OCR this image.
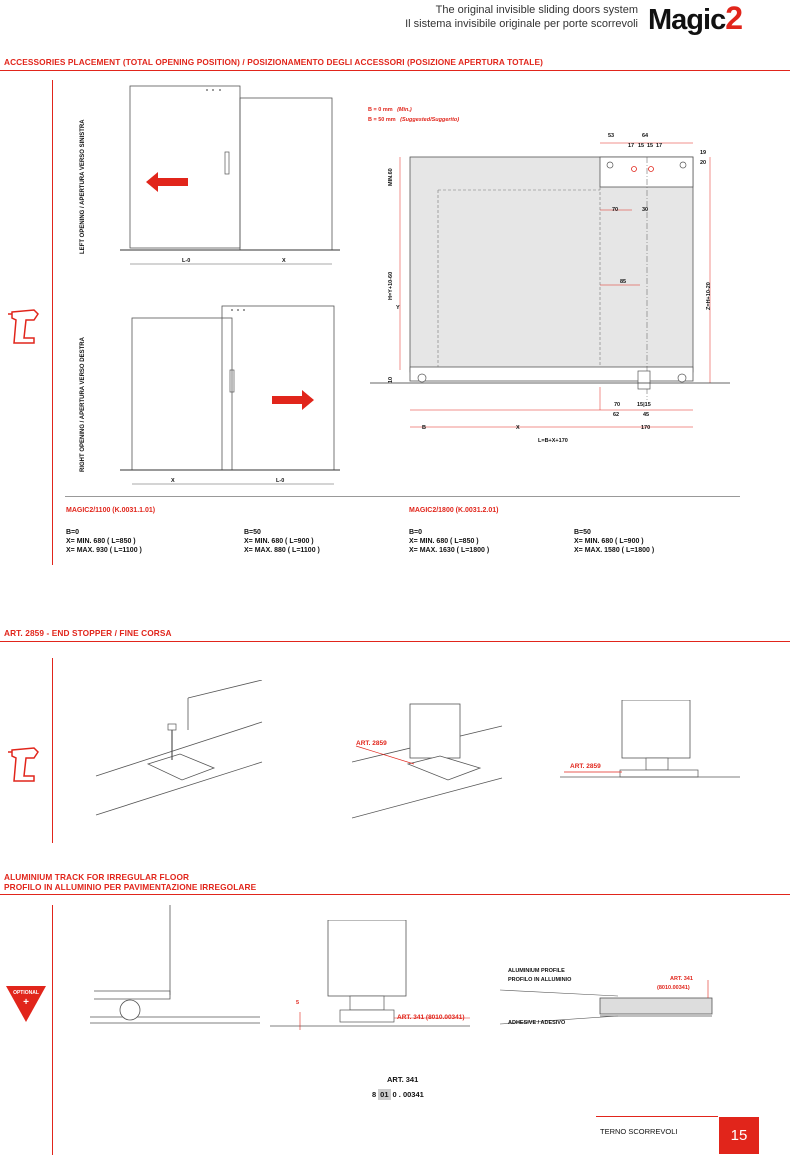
The original invisible sliding doors system
Il sistema invisibile originale per porte scorrevoli Magic2
ACCESSORIES PLACEMENT (TOTAL OPENING POSITION) / POSIZIONAMENTO DEGLI ACCESSORI (POSIZIONE APERTURA TOTALE)
LEFT OPENING / APERTURA VERSO SINISTRA
RIGHT OPENING / APERTURA VERSO DESTRA
L-0	X
X	L-0
B = 0 mm (Min.)
B = 50 mm (Suggested/Suggerito)
53	64
17 15 15 17
19
20
MIN.60
70	30
85
H=Y+10-60
Y	Z=H+10-20
10
70	15|15
62	45
B	X	170
L=B+X+170
MAGIC2/1100 (K.0031.1.01)	MAGIC2/1800 (K.0031.2.01)
B=0
X= MIN. 680 ( L=850 )
X= MAX. 930 ( L=1100 )
B=50
X= MIN. 680 ( L=900 )
X= MAX. 880 ( L=1100 )
B=0
X= MIN. 680 ( L=850 )
X= MAX. 1630 ( L=1800 )
B=50
X= MIN. 680 ( L=900 )
X= MAX. 1580 ( L=1800 )
ART. 2859 - END STOPPER / FINE CORSA
ART. 2859
ART. 2859
ALUMINIUM TRACK FOR IRREGULAR FLOOR
PROFILO IN ALLUMINIO PER PAVIMENTAZIONE IRREGOLARE
OPTIONAL
+	5
ART. 341 (8010.00341)
ALUMINIUM PROFILE
PROFILO IN ALLUMINIO	ART. 341
(8010.00341)
ADHESIVE / ADESIVO
ART. 341
8 01 0 . 00341
TERNO SCORREVOLI	15
